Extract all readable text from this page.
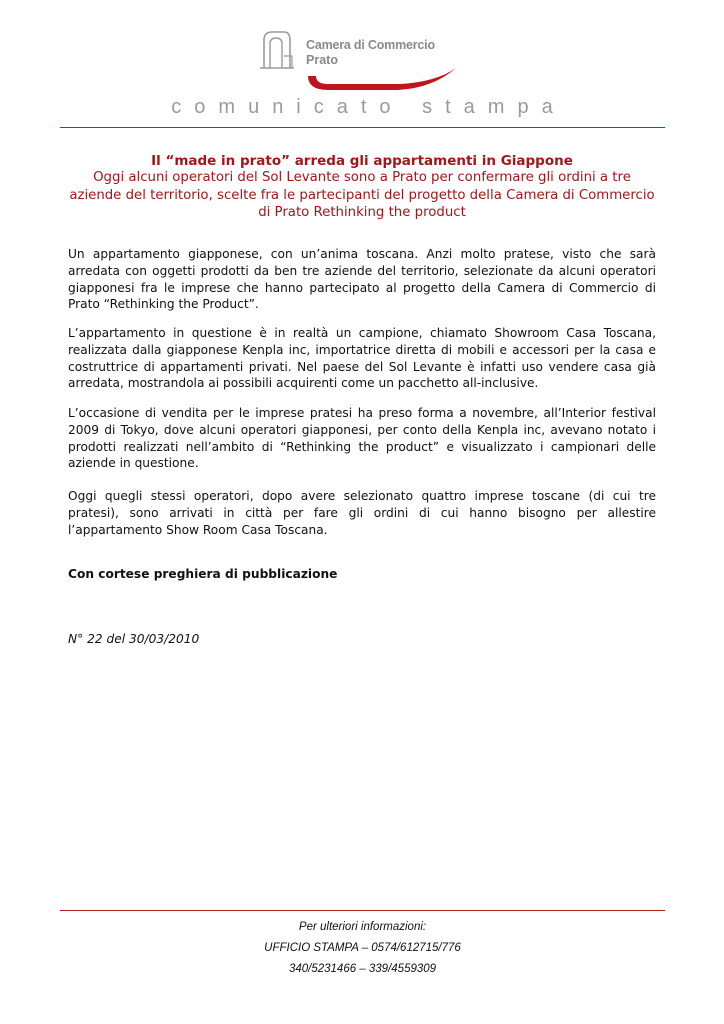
Camera di Commercio
Prato
comunicato stampa
Il “made in prato” arreda gli appartamenti in Giappone
Oggi alcuni operatori del Sol Levante sono a Prato per confermare gli ordini a tre aziende del territorio, scelte fra le partecipanti del progetto della Camera di Commercio di Prato Rethinking the product
Un appartamento giapponese, con un’anima toscana. Anzi molto pratese, visto che sarà arredata con oggetti prodotti da ben tre aziende del territorio, selezionate da alcuni operatori giapponesi fra le imprese che hanno partecipato al progetto della Camera di Commercio di Prato “Rethinking the Product”.
L’appartamento in questione è in realtà un campione, chiamato Showroom Casa Toscana, realizzata dalla giapponese Kenpla inc, importatrice diretta di mobili e accessori per la casa e costruttrice di appartamenti privati. Nel paese del Sol Levante è infatti uso vendere casa già arredata, mostrandola ai possibili acquirenti come un pacchetto all-inclusive.
L’occasione di vendita per le imprese pratesi ha preso forma a novembre, all’Interior festival 2009 di Tokyo, dove alcuni operatori giapponesi, per conto della Kenpla inc, avevano notato i prodotti realizzati nell’ambito di “Rethinking the product” e visualizzato i campionari delle aziende in questione.
Oggi quegli stessi operatori, dopo avere selezionato quattro imprese toscane (di cui tre pratesi), sono arrivati in città per fare gli ordini di cui hanno bisogno per allestire l’appartamento Show Room Casa Toscana.
Con cortese preghiera di pubblicazione
N° 22 del 30/03/2010
Per ulteriori informazioni:
UFFICIO STAMPA – 0574/612715/776
340/5231466 – 339/4559309
